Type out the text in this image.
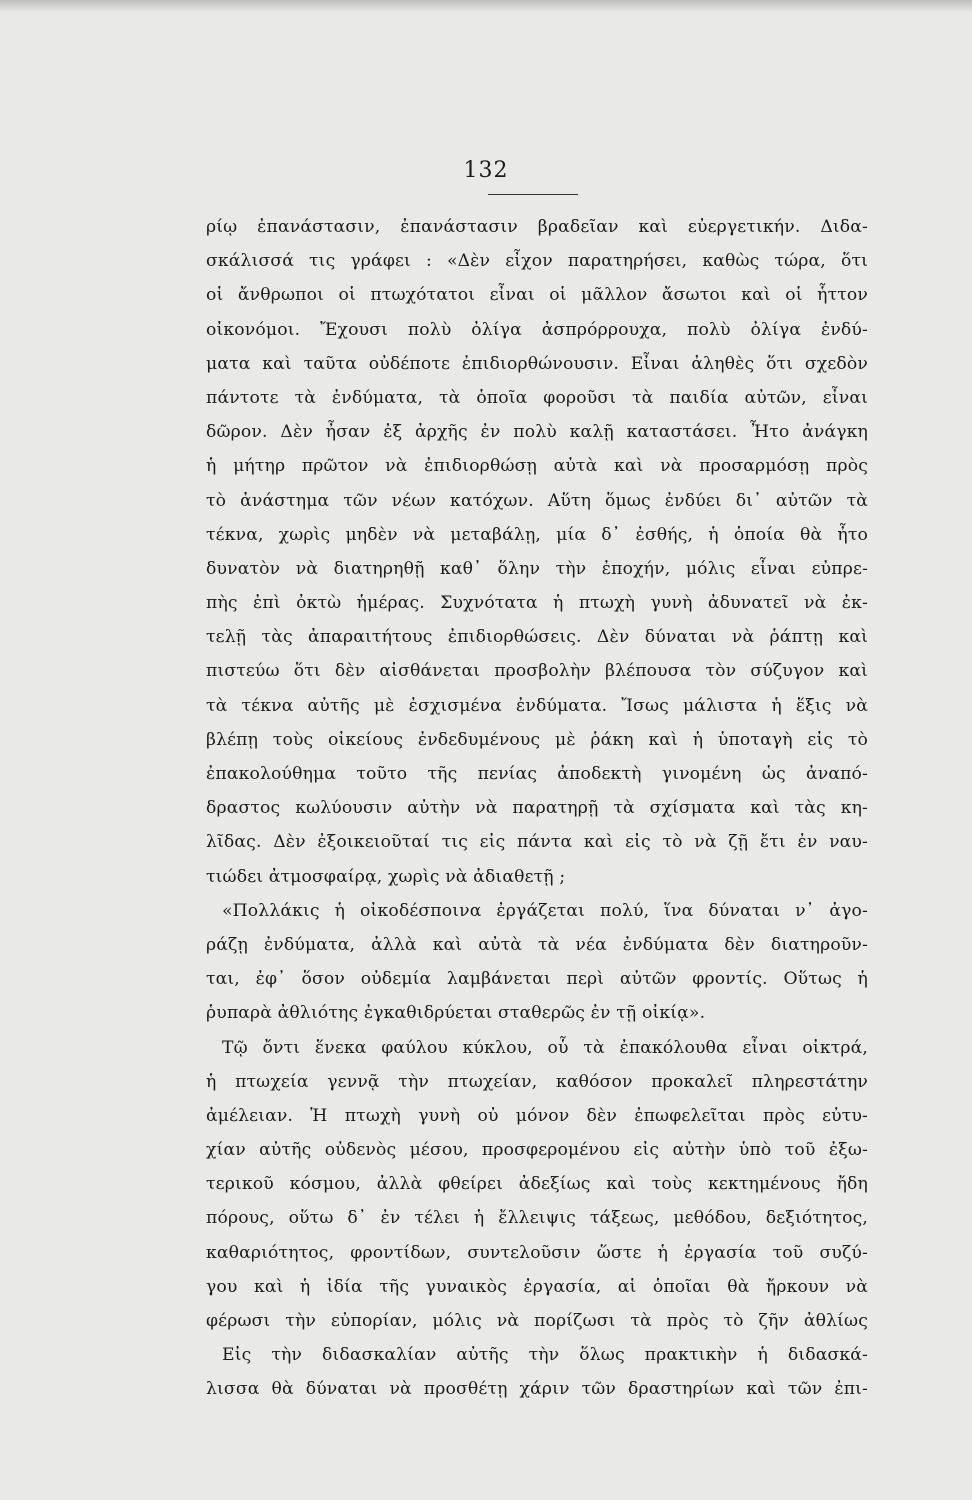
132
ρίῳ ἐπανάστασιν, ἐπανάστασιν βραδεῖαν καὶ εὐεργετικήν. Διδα-
σκάλισσά τις γράφει : «Δὲν εἶχον παρατηρήσει, καθὼς τώρα, ὅτι
οἱ ἄνθρωποι οἱ πτωχότατοι εἶναι οἱ μᾶλλον ἄσωτοι καὶ οἱ ἧττον
οἰκονόμοι. Ἔχουσι πολὺ ὀλίγα ἀσπρόρρουχα, πολὺ ὀλίγα ἐνδύ-
ματα καὶ ταῦτα οὐδέποτε ἐπιδιορθώνουσιν. Εἶναι ἀληθὲς ὅτι σχεδὸν
πάντοτε τὰ ἐνδύματα, τὰ ὁποῖα φοροῦσι τὰ παιδία αὐτῶν, εἶναι
δῶρον. Δὲν ἦσαν ἐξ ἀρχῆς ἐν πολὺ καλῇ καταστάσει. Ἦτο ἀνάγκη
ἡ μήτηρ πρῶτον νὰ ἐπιδιορθώσῃ αὐτὰ καὶ νὰ προσαρμόσῃ πρὸς
τὸ ἀνάστημα τῶν νέων κατόχων. Αὕτη ὅμως ἐνδύει δι᾽ αὐτῶν τὰ
τέκνα, χωρὶς μηδὲν νὰ μεταβάλῃ, μία δ᾽ ἐσθής, ἡ ὁποία θὰ ἦτο
δυνατὸν νὰ διατηρηθῇ καθ᾽ ὅλην τὴν ἐποχήν, μόλις εἶναι εὐπρε-
πὴς ἐπὶ ὀκτὼ ἡμέρας. Συχνότατα ἡ πτωχὴ γυνὴ ἀδυνατεῖ νὰ ἐκ-
τελῇ τὰς ἀπαραιτήτους ἐπιδιορθώσεις. Δὲν δύναται νὰ ῥάπτῃ καὶ
πιστεύω ὅτι δὲν αἰσθάνεται προσβολὴν βλέπουσα τὸν σύζυγον καὶ
τὰ τέκνα αὐτῆς μὲ ἐσχισμένα ἐνδύματα. Ἴσως μάλιστα ἡ ἕξις νὰ
βλέπῃ τοὺς οἰκείους ἐνδεδυμένους μὲ ῥάκη καὶ ἡ ὑποταγὴ εἰς τὸ
ἐπακολούθημα τοῦτο τῆς πενίας ἀποδεκτὴ γινομένη ὡς ἀναπό-
δραστος κωλύουσιν αὐτὴν νὰ παρατηρῇ τὰ σχίσματα καὶ τὰς κη-
λῖδας. Δὲν ἐξοικειοῦταί τις εἰς πάντα καὶ εἰς τὸ νὰ ζῇ ἔτι ἐν ναυ-
τιώδει ἀτμοσφαίρᾳ, χωρὶς νὰ ἀδιαθετῇ ;
«Πολλάκις ἡ οἰκοδέσποινα ἐργάζεται πολύ, ἵνα δύναται ν᾽ ἀγο-
ράζῃ ἐνδύματα, ἀλλὰ καὶ αὐτὰ τὰ νέα ἐνδύματα δὲν διατηροῦν-
ται, ἐφ᾽ ὅσον οὐδεμία λαμβάνεται περὶ αὐτῶν φροντίς. Οὕτως ἡ
ῥυπαρὰ ἀθλιότης ἐγκαθιδρύεται σταθερῶς ἐν τῇ οἰκίᾳ».
Τῷ ὄντι ἕνεκα φαύλου κύκλου, οὗ τὰ ἐπακόλουθα εἶναι οἰκτρά,
ἡ πτωχεία γεννᾷ τὴν πτωχείαν, καθόσον προκαλεῖ πληρεστάτην
ἀμέλειαν. Ἡ πτωχὴ γυνὴ οὐ μόνον δὲν ἐπωφελεῖται πρὸς εὐτυ-
χίαν αὐτῆς οὐδενὸς μέσου, προσφερομένου εἰς αὐτὴν ὑπὸ τοῦ ἐξω-
τερικοῦ κόσμου, ἀλλὰ φθείρει ἀδεξίως καὶ τοὺς κεκτημένους ἤδη
πόρους, οὕτω δ᾽ ἐν τέλει ἡ ἔλλειψις τάξεως, μεθόδου, δεξιότητος,
καθαριότητος, φροντίδων, συντελοῦσιν ὥστε ἡ ἐργασία τοῦ συζύ-
γου καὶ ἡ ἰδία τῆς γυναικὸς ἐργασία, αἱ ὁποῖαι θὰ ἤρκουν νὰ
φέρωσι τὴν εὐπορίαν, μόλις νὰ πορίζωσι τὰ πρὸς τὸ ζῆν ἀθλίως
Εἰς τὴν διδασκαλίαν αὐτῆς τὴν ὅλως πρακτικὴν ἡ διδασκά-
λισσα θὰ δύναται νὰ προσθέτῃ χάριν τῶν δραστηρίων καὶ τῶν ἐπι-
